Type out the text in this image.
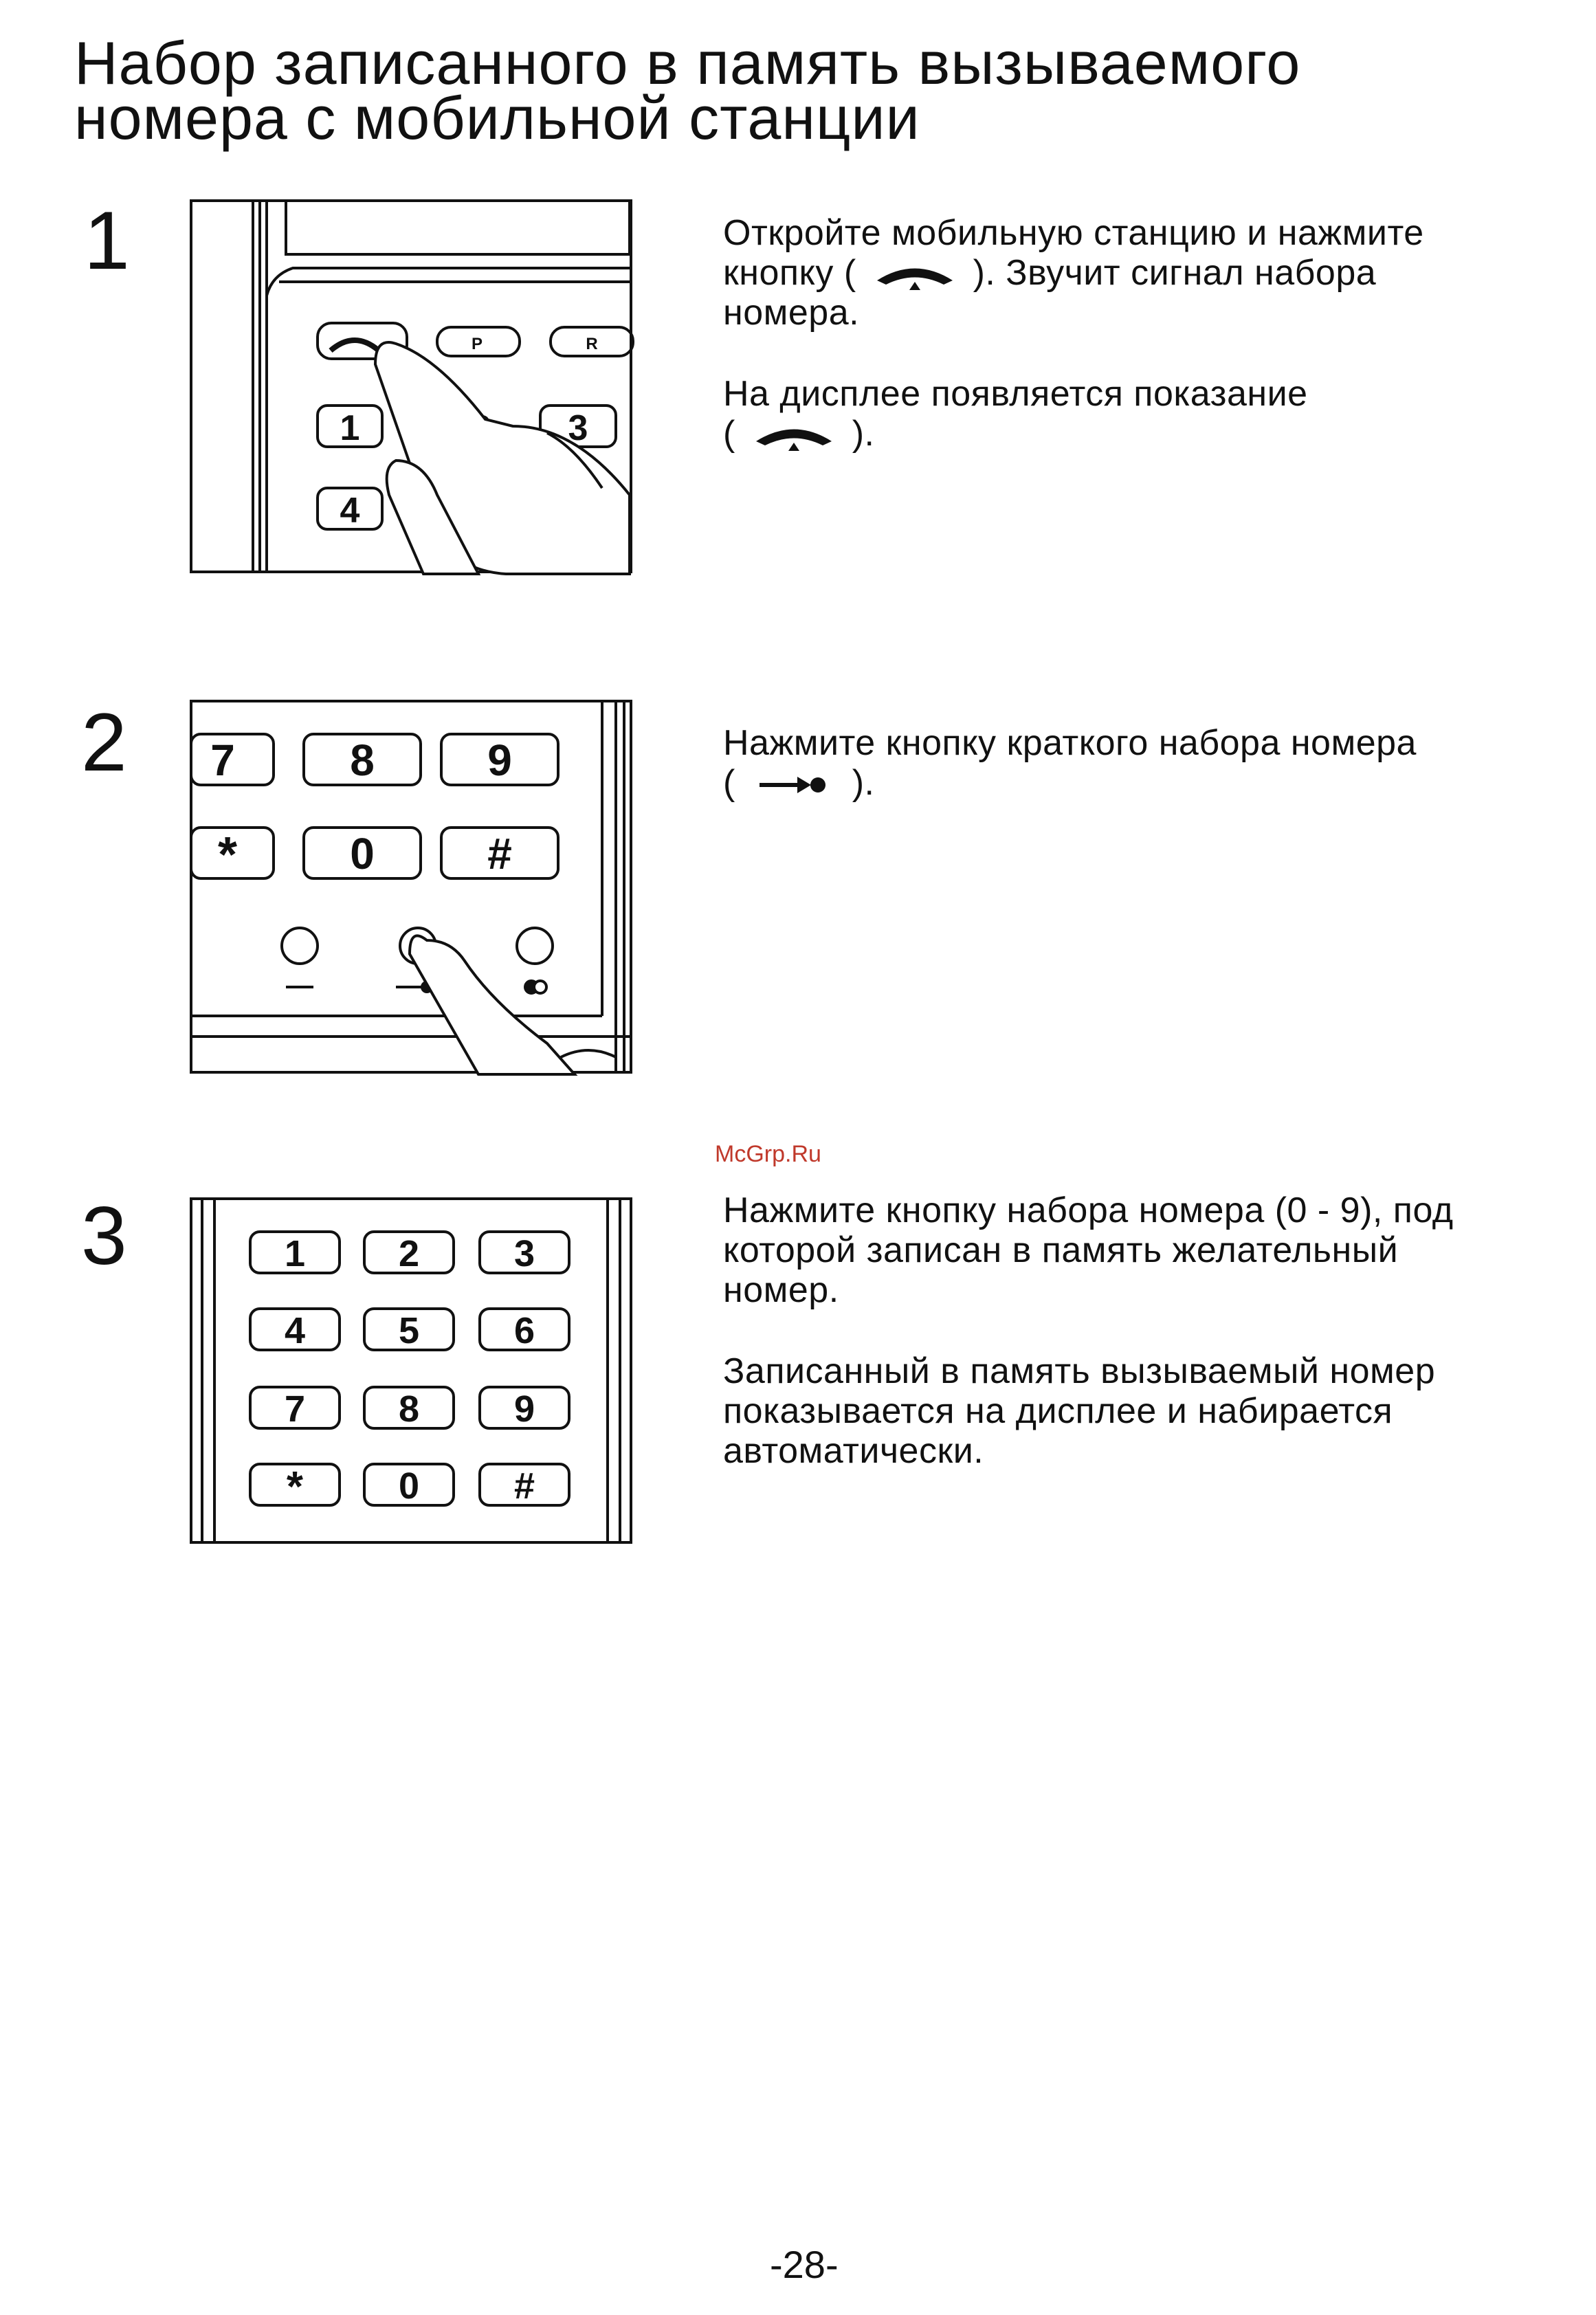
Набор записанного в память вызываемого
номера с мобильной станции
1
P	R
1	3
4

Откройте мобильную станцию и нажмите
кнопку (	). Звучит сигнал набора
номера.

На дисплее появляется показание
(	).

2 7	8	9
*	0	#

Нажмите кнопку краткого набора номера
(	).

McGrp.Ru
3	1	2	3
4	5	6
7	8	9
*	0	#

Нажмите кнопку набора номера (0 - 9), под
которой записан в память желательный
номер.

Записанный в память вызываемый номер
показывается на дисплее и набирается
автоматически.

-28-
